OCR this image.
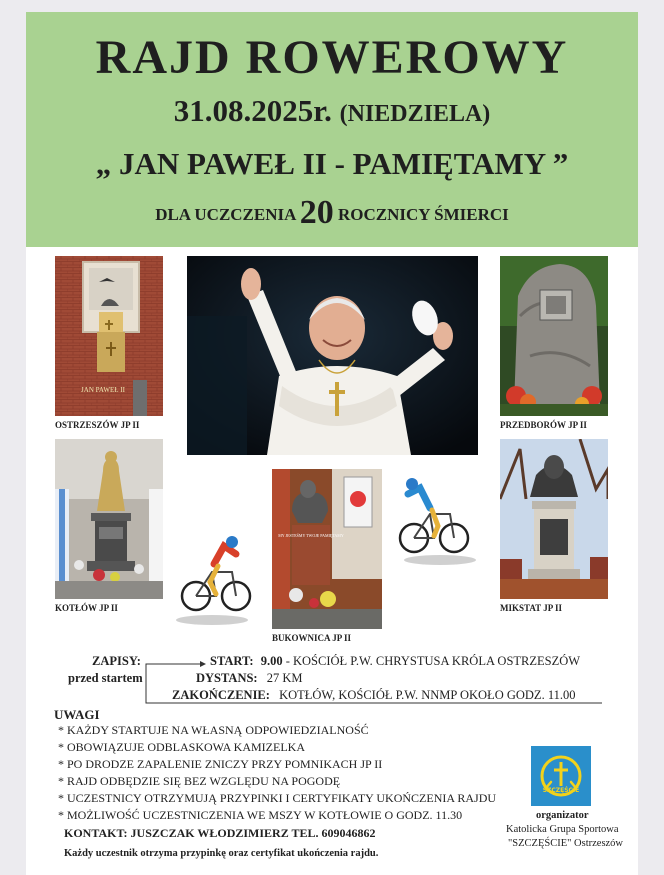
RAJD ROWEROWY
31.08.2025r. (NIEDZIELA)
„ JAN PAWEŁ II - PAMIĘTAMY ”
DLA UCZCZENIA 20 ROCZNICY ŚMIERCI
JAN PAWEŁ II
OSTRZESZÓW JP II	PRZEDBORÓW JP II
KOTŁÓW JP II
MY JESTEŚMY TWOJE PAMIĘTAMY
BUKOWNICA JP II
MIKSTAT JP II
ZAPISY:
przed startem
START: 9.00 - KOŚCIÓŁ P.W. CHRYSTUSA KRÓLA OSTRZESZÓW
DYSTANS: 27 KM
ZAKOŃCZENIE: KOTŁÓW, KOŚCIÓŁ P.W. NNMP OKOŁO GODZ. 11.00
UWAGI
* KAŻDY STARTUJE NA WŁASNĄ ODPOWIEDZIALNOŚĆ
* OBOWIĄZUJE ODBLASKOWA KAMIZELKA
* PO DRODZE ZAPALENIE ZNICZY PRZY POMNIKACH JP II
* RAJD ODBĘDZIE SIĘ BEZ WZGLĘDU NA POGODĘ
* UCZESTNICY OTRZYMUJĄ PRZYPINKI I CERTYFIKATY UKOŃCZENIA RAJDU
* MOŻLIWOŚĆ UCZESTNICZENIA WE MSZY W KOTŁOWIE O GODZ. 11.30
KONTAKT: JUSZCZAK WŁODZIMIERZ TEL. 609046862
Każdy uczestnik otrzyma przypinkę oraz certyfikat ukończenia rajdu.
SZCZĘŚCIE
organizator
Katolicka Grupa Sportowa
"SZCZĘŚCIE" Ostrzeszów
